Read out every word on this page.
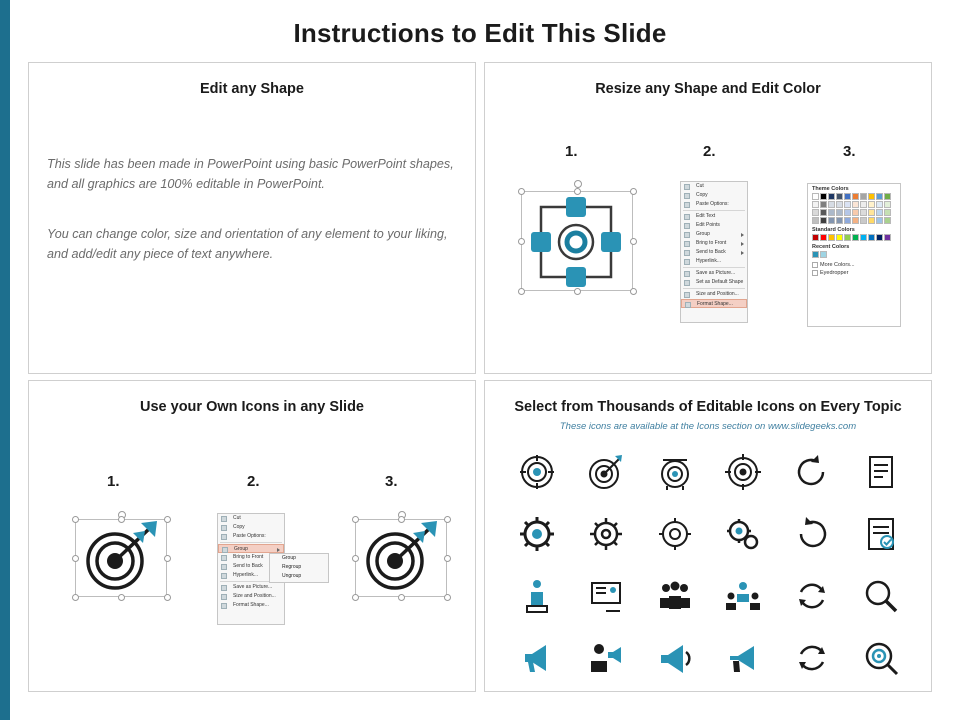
Instructions to Edit This Slide
Edit any Shape
This slide has been made in PowerPoint using basic PowerPoint shapes, and all graphics are 100% editable in PowerPoint.
You can change color, size and orientation of any element to your liking, and add/edit any piece of text anywhere.
Resize any Shape and Edit Color
1.	2.	3.
Cut
Copy
Paste Options:
Edit Text
Edit Points
Group
Bring to Front
Send to Back
Hyperlink...
Save as Picture...
Set as Default Shape
Size and Position...
Format Shape...
Theme Colors
Standard Colors
Recent Colors
More Colors...
Eyedropper
Use your Own Icons in any Slide
1.	2.	3.
Cut
Copy
Paste Options:
Group
Bring to Front
Send to Back
Hyperlink...
Save as Picture...
Size and Position...
Format Shape...
Group
Regroup
Ungroup
Select from Thousands of Editable Icons on Every Topic
These icons are available at the Icons section on www.slidegeeks.com
